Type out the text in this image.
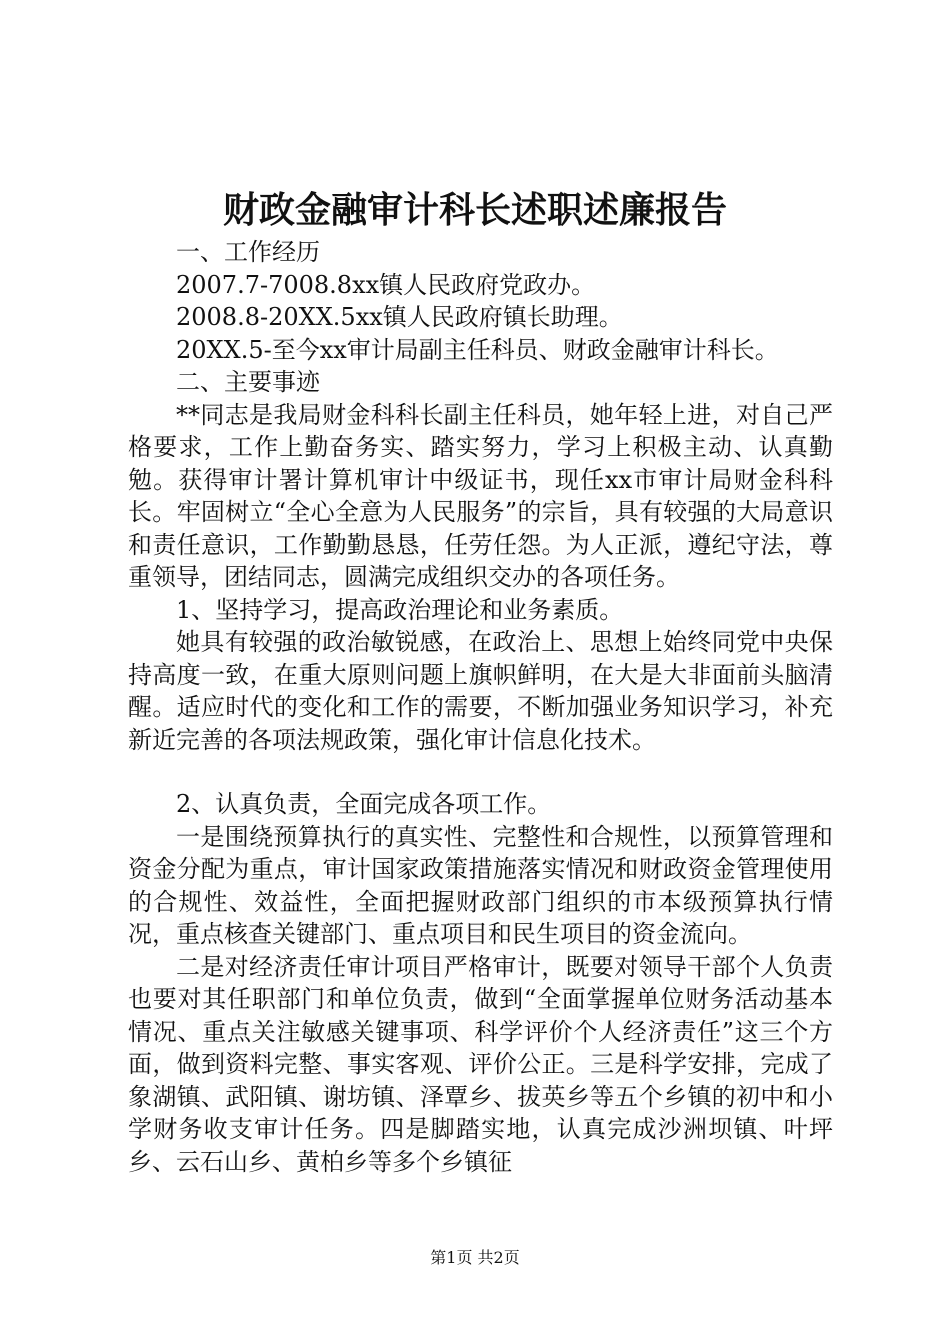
财政金融审计科长述职述廉报告

一、工作经历

2007.7-7008.8xx镇人民政府党政办。

2008.8-20XX.5xx镇人民政府镇长助理。

20XX.5-至今xx审计局副主任科员、财政金融审计科长。

二、主要事迹

**同志是我局财金科科长副主任科员，她年轻上进，对自己严格要求，工作上勤奋务实、踏实努力，学习上积极主动、认真勤勉。获得审计署计算机审计中级证书，现任xx市审计局财金科科长。牢固树立“全心全意为人民服务”的宗旨，具有较强的大局意识和责任意识，工作勤勤恳恳，任劳任怨。为人正派，遵纪守法，尊重领导，团结同志，圆满完成组织交办的各项任务。

1、坚持学习，提高政治理论和业务素质。

她具有较强的政治敏锐感，在政治上、思想上始终同党中央保持高度一致，在重大原则问题上旗帜鲜明，在大是大非面前头脑清醒。适应时代的变化和工作的需要，不断加强业务知识学习，补充新近完善的各项法规政策，强化审计信息化技术。

2、认真负责，全面完成各项工作。

一是围绕预算执行的真实性、完整性和合规性，以预算管理和资金分配为重点，审计国家政策措施落实情况和财政资金管理使用的合规性、效益性，全面把握财政部门组织的市本级预算执行情况，重点核查关键部门、重点项目和民生项目的资金流向。

二是对经济责任审计项目严格审计，既要对领导干部个人负责也要对其任职部门和单位负责，做到“全面掌握单位财务活动基本情况、重点关注敏感关键事项、科学评价个人经济责任”这三个方面，做到资料完整、事实客观、评价公正。三是科学安排，完成了象湖镇、武阳镇、谢坊镇、泽覃乡、拔英乡等五个乡镇的初中和小学财务收支审计任务。四是脚踏实地，认真完成沙洲坝镇、叶坪乡、云石山乡、黄柏乡等多个乡镇征

第1页 共2页
